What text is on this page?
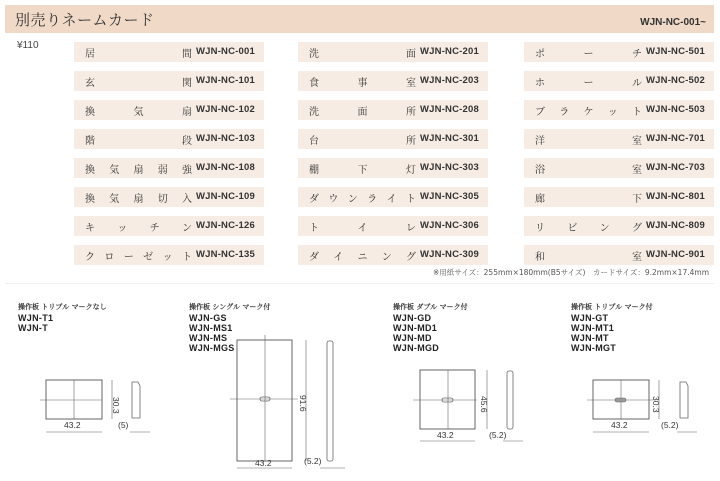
別売りネームカード	WJN-NC-001~
¥110
居	間 WJN-NC-001
玄	関 WJN-NC-101
換	気	扇 WJN-NC-102
階	段 WJN-NC-103
換 気 扇 弱 強 WJN-NC-108
換 気 扇 切 入 WJN-NC-109
キ ッ チ ン WJN-NC-126
ク ロ ー ゼ ッ ト WJN-NC-135
洗	面 WJN-NC-201
食	事	室 WJN-NC-203
洗	面	所 WJN-NC-208
台	所 WJN-NC-301
棚	下	灯 WJN-NC-303
ダ ウ ン ラ イ ト WJN-NC-305
ト	イ	レ WJN-NC-306
ダ イ ニ ン グ WJN-NC-309
ポ	ー	チ WJN-NC-501
ホ	ー	ル WJN-NC-502
ブ ラ ケ ッ ト WJN-NC-503
洋	室 WJN-NC-701
浴	室 WJN-NC-703
廊	下 WJN-NC-801
リ ビ ン グ WJN-NC-809
和	室 WJN-NC-901
※用紙サイズ：255mm×180mm(B5サイズ)　カードサイズ：9.2mm×17.4mm
操作板 トリプル マークなし
WJN-T1
WJN-T
30.3
43.2	(5)
操作板 シングル マーク付
WJN-GS
WJN-MS1
WJN-MS
WJN-MGS
91.6
43.2	(5.2)
操作板 ダブル マーク付
WJN-GD
WJN-MD1
WJN-MD
WJN-MGD
45.6
43.2	(5.2)
操作板 トリプル マーク付
WJN-GT
WJN-MT1
WJN-MT
WJN-MGT
30.3
43.2	(5.2)
